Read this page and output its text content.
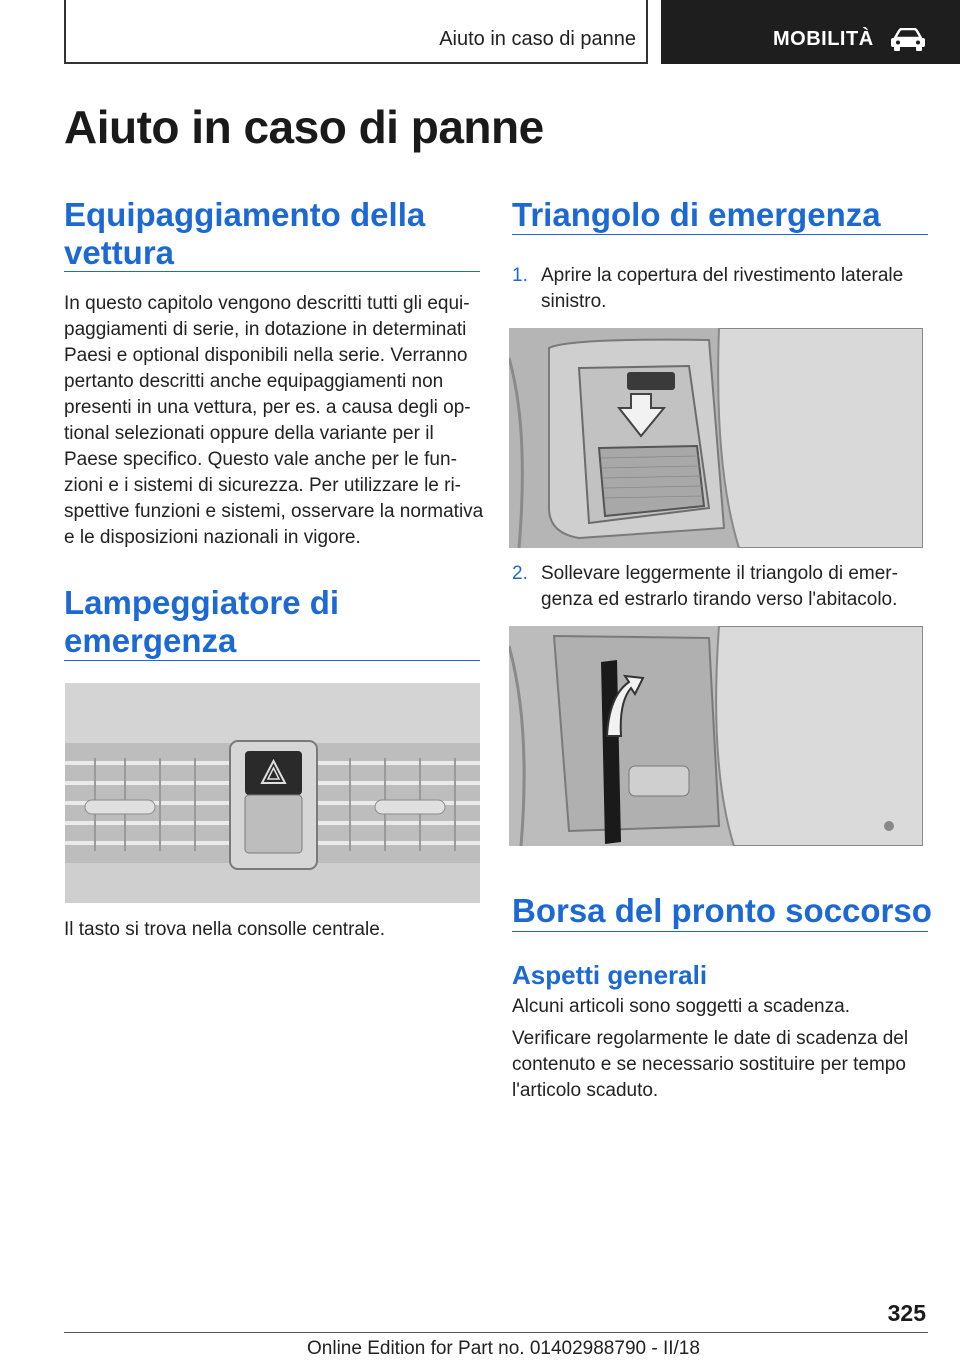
Aiuto in caso di panne	MOBILITÀ
Aiuto in caso di panne
Equipaggiamento della
vettura

In questo capitolo vengono descritti tutti gli equi-
paggiamenti di serie, in dotazione in determinati
Paesi e optional disponibili nella serie. Verranno
pertanto descritti anche equipaggiamenti non
presenti in una vettura, per es. a causa degli op-
tional selezionati oppure della variante per il
Paese specifico. Questo vale anche per le fun-
zioni e i sistemi di sicurezza. Per utilizzare le ri-
spettive funzioni e sistemi, osservare la normativa
e le disposizioni nazionali in vigore.

Lampeggiatore di
emergenza

Il tasto si trova nella consolle centrale.

Triangolo di emergenza
1. Aprire la copertura del rivestimento laterale
sinistro.
2. Sollevare leggermente il triangolo di emer-
genza ed estrarlo tirando verso l'abitacolo.
Borsa del pronto soccorso
Aspetti generali

Alcuni articoli sono soggetti a scadenza.

Verificare regolarmente le date di scadenza del
contenuto e se necessario sostituire per tempo
l'articolo scaduto.

325
Online Edition for Part no. 01402988790 - II/18
